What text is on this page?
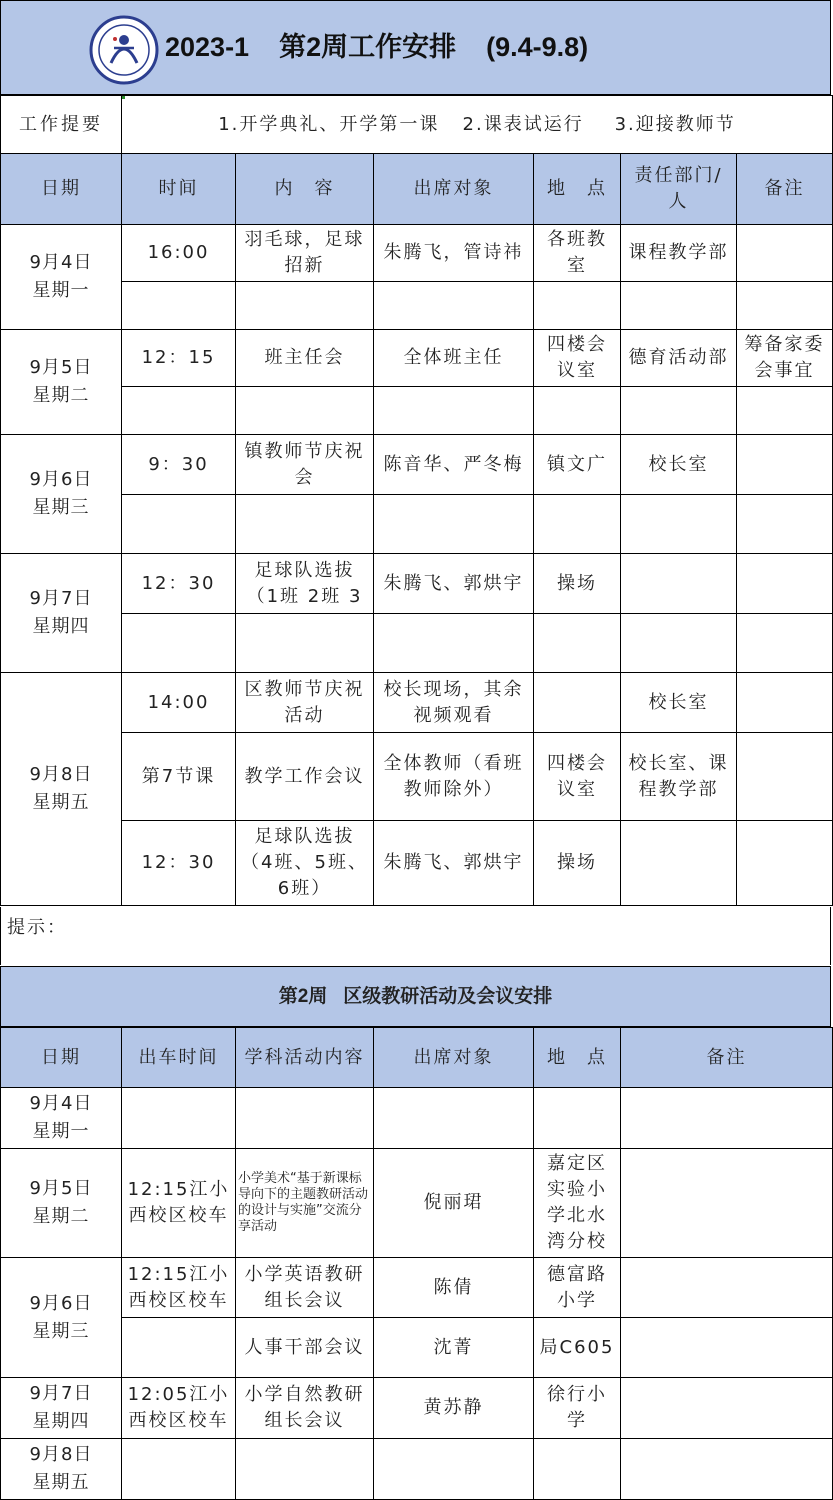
2023-1    第2周工作安排    (9.4-9.8)
工作提要	1.开学典礼、开学第一课   2.课表试运行    3.迎接教师节
日期	时间	内　容	出席对象	地　点	责任部门/人	备注

9月4日
星期一	16:00	羽毛球，足球招新	朱腾飞，管诗祎	各班教室	课程教学部	

9月5日
星期二	12：15	班主任会	全体班主任	四楼会议室	德育活动部	筹备家委会事宜

9月6日
星期三	9：30	镇教师节庆祝会	陈音华、严冬梅	镇文广	校长室	

9月7日
星期四	12：30	足球队选拔（1班 2班 3	朱腾飞、郭烘宇	操场		

9月8日
星期五	14:00	区教师节庆祝活动	校长现场，其余视频观看		校长室	
	第7节课	教学工作会议	全体教师（看班教师除外）	四楼会议室	校长室、课程教学部	
	12：30	足球队选拔（4班、5班、6班）	朱腾飞、郭烘宇	操场		
提示：
第2周   区级教研活动及会议安排
日期	出车时间	学科活动内容	出席对象	地　点	备注

9月4日
星期一					

9月5日
星期二	12:15江小西校区校车	小学美术“基于新课标导向下的主题教研活动的设计与实施”交流分享活动	倪丽珺	嘉定区实验小学北水湾分校	

9月6日
星期三	12:15江小西校区校车	小学英语教研组长会议	陈倩	德富路小学	
		人事干部会议	沈菁	局C605	

9月7日
星期四	12:05江小西校区校车	小学自然教研组长会议	黄苏静	徐行小学	

9月8日
星期五					
